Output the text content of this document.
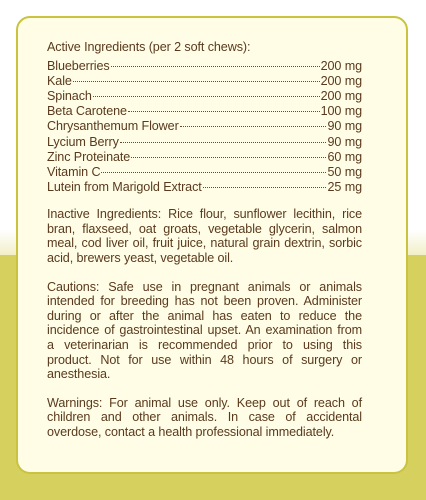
Active Ingredients (per 2 soft chews):
Blueberries	200 mg
Kale	200 mg
Spinach	200 mg
Beta Carotene	100 mg
Chrysanthemum Flower	90 mg
Lycium Berry	90 mg
Zinc Proteinate	60 mg
Vitamin C	50 mg
Lutein from Marigold Extract	25 mg

Inactive Ingredients: Rice flour, sunflower lecithin, rice bran, flaxseed, oat groats, vegetable glycerin, salmon meal, cod liver oil, fruit juice, natural grain dextrin, sorbic acid, brewers yeast, vegetable oil.

Cautions: Safe use in pregnant animals or animals intended for breeding has not been proven. Administer during or after the animal has eaten to reduce the incidence of gastrointestinal upset. An examination from a veterinarian is recommended prior to using this product. Not for use within 48 hours of surgery or anesthesia.

Warnings: For animal use only. Keep out of reach of children and other animals. In case of accidental overdose, contact a health professional immediately.
